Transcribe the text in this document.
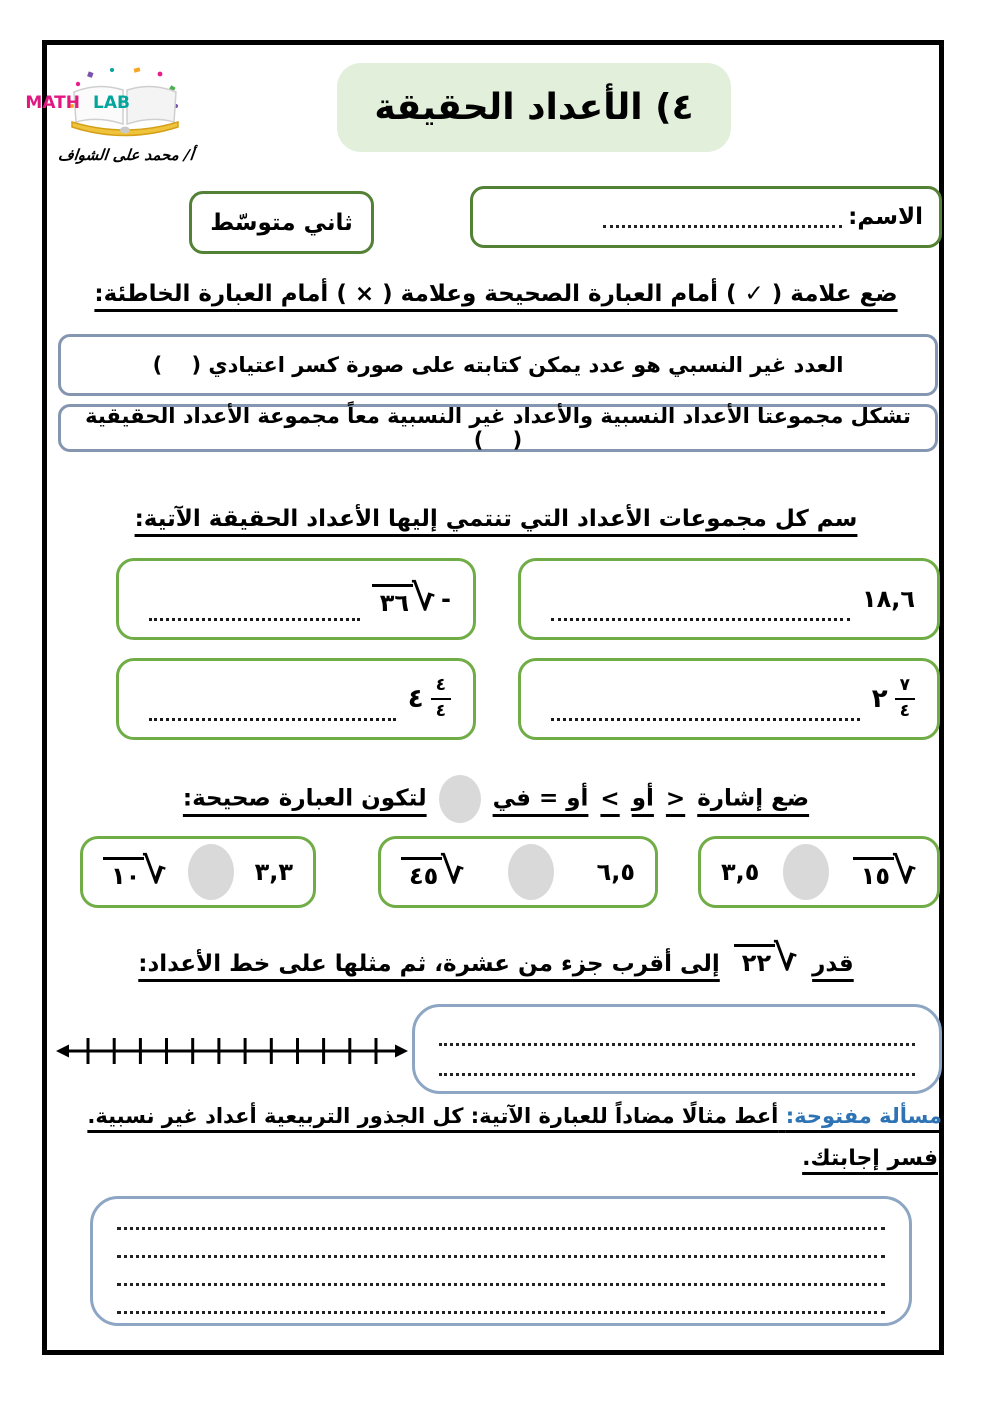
MATH LAB
أ/ محمد على الشواف
٤) الأعداد الحقيقة
الاسم:
ثاني متوسّط
ضع علامة ( ✓ ) أمام العبارة الصحيحة وعلامة ( × ) أمام العبارة الخاطئة:
العدد غير النسبي هو عدد يمكن كتابته على صورة كسر اعتيادي (    )
تشكل مجموعتا الأعداد النسبية والأعداد غير النسبية معاً مجموعة الأعداد الحقيقية (    )
سم كل مجموعات الأعداد التي تنتمي إليها الأعداد الحقيقة الآتية:
١٨,٦
٣٦ √ -
٢ $\frac{٧}{٤}$
٤ $\frac{٤}{٤}$
ضع إشارة > أو < أو = فيلتكون العبارة صحيحة:
١٥ √
٣,٥
٦,٥
٤٥ √
٣,٣
١٠ √
قدر
٢٢ √
إلى أقرب جزء من عشرة، ثم مثلها على خط الأعداد:
مسألة مفتوحة: أعط مثالًا مضاداً للعبارة الآتية: كل الجذور التربيعية أعداد غير نسبية.
فسر إجابتك.
